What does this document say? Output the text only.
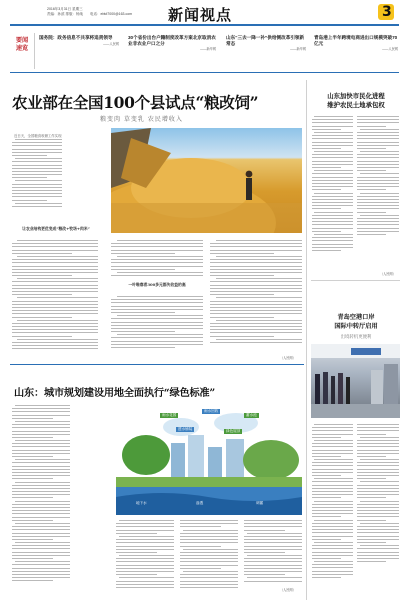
2016年3月31日 星期三
责编：孙滨 排版：杨纯 电话：ebt#7000@163.com 新闻视点	3
要闻
速览
国务院：政务信息不共享将追责领导
——人民网
30个省份出台户籍制度改革方案北京取消农业非农业户口之分
——新华网
山东“三去一降一补”供给侧改革引领新常态
——新华网
青岛港上半年跨境电商进出口规模突破70亿元
——人民网
农业部在全国100个县试点“粮改饲”
粮变肉 草变乳 农民增收入
近日天，全国粮食收储工作实现
让农业结构更优变成“粮改+牧场+肉米”
一叶唯春者300多元都失收益的高
（人民网）
山东加快市民化进程
维护农民土地承包权
（人民网）
青岛空港口岸
国际中转厅启用
出境转机更便利
山东：城市规划建设用地全面执行“绿色标准”
雨水花园
雨水回收
蓄水池
透水铺装	绿色屋顶
地下水	渗透	调蓄
（人民网）
